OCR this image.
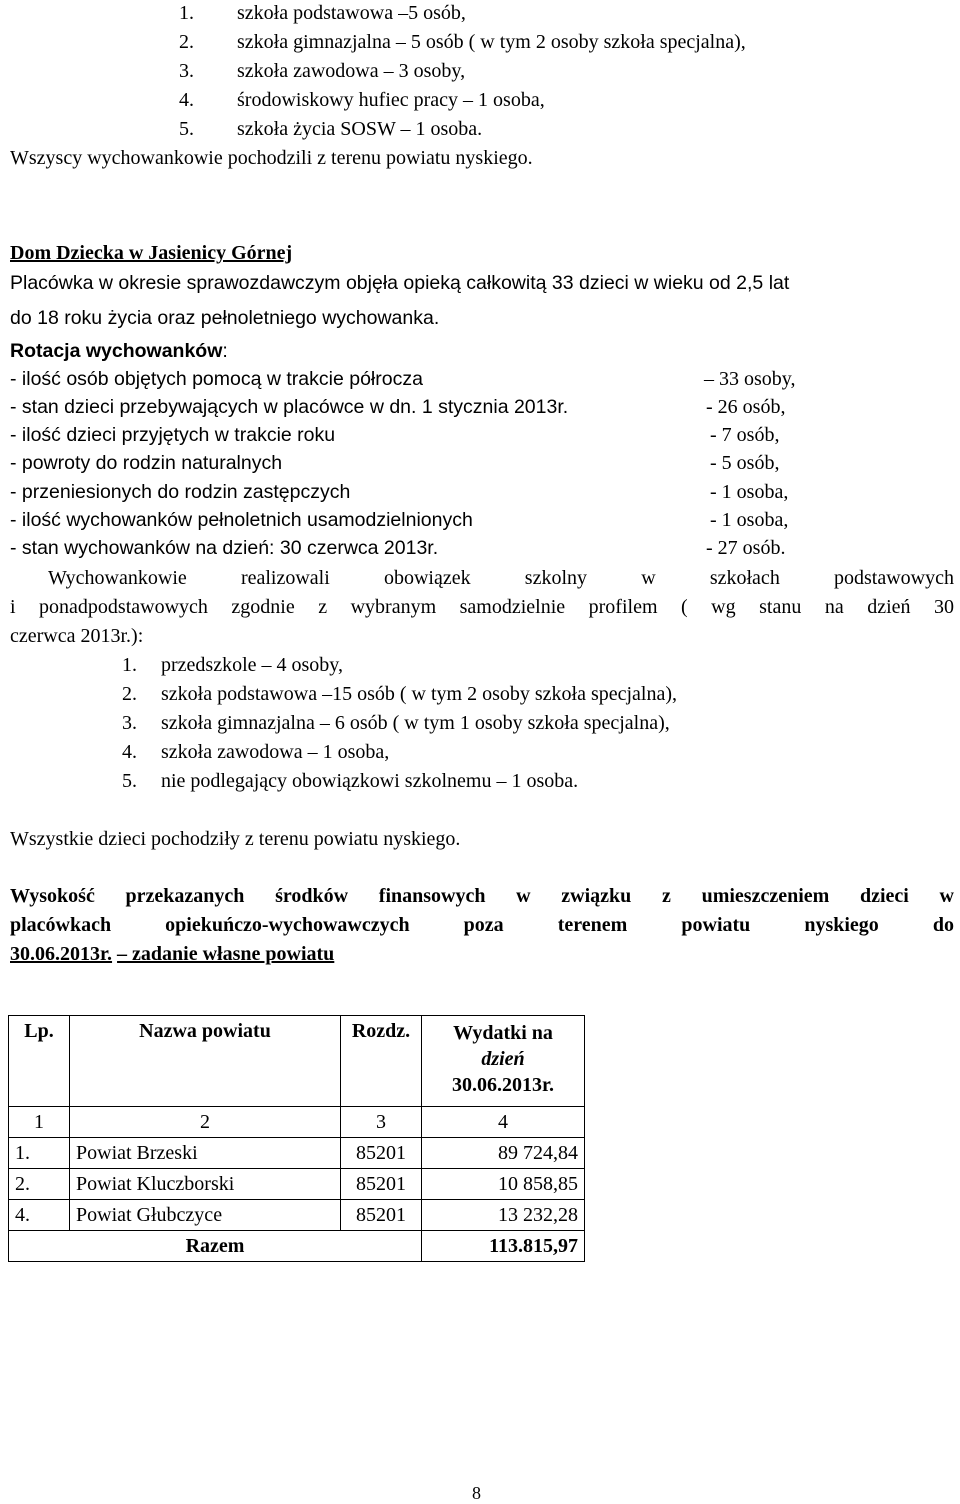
1. szkoła podstawowa –5 osób,
2. szkoła gimnazjalna – 5 osób ( w tym 2 osoby szkoła specjalna),
3. szkoła zawodowa – 3 osoby,
4. środowiskowy hufiec pracy – 1 osoba,
5. szkoła życia SOSW – 1 osoba.
Wszyscy wychowankowie pochodzili z terenu powiatu nyskiego.
Dom Dziecka w Jasienicy Górnej
Placówka w okresie sprawozdawczym objęła opieką całkowitą 33 dzieci w wieku od 2,5 lat
do 18 roku życia oraz pełnoletniego wychowanka.
Rotacja wychowanków:
- ilość osób objętych pomocą w trakcie półrocza	– 33 osoby,
- stan dzieci przebywających w placówce w dn. 1 stycznia 2013r.	- 26 osób,
- ilość dzieci przyjętych w trakcie roku	- 7 osób,
- powroty do rodzin naturalnych	- 5 osób,
- przeniesionych do rodzin zastępczych	- 1 osoba,
- ilość wychowanków pełnoletnich usamodzielnionych	- 1 osoba,
- stan wychowanków na dzień: 30 czerwca 2013r.	- 27 osób.
Wychowankowie realizowali obowiązek szkolny w szkołach podstawowych
i ponadpodstawowych zgodnie z wybranym samodzielnie profilem ( wg stanu na dzień 30
czerwca 2013r.):
1. przedszkole – 4 osoby,
2. szkoła podstawowa –15 osób ( w tym 2 osoby szkoła specjalna),
3. szkoła gimnazjalna – 6 osób ( w tym 1 osoby szkoła specjalna),
4. szkoła zawodowa – 1 osoba,
5. nie podlegający obowiązkowi szkolnemu – 1 osoba.
Wszystkie dzieci pochodziły z terenu powiatu nyskiego.
Wysokość przekazanych środków finansowych w związku z umieszczeniem dzieci w
placówkach opiekuńczo-wychowawczych poza terenem powiatu nyskiego do
30.06.2013r. – zadanie własne powiatu
Lp.	Nazwa powiatu	Rozdz.	Wydatki na
dzień
30.06.2013r.
1	2	3	4
1.	Powiat Brzeski	85201	89 724,84
2.	Powiat Kluczborski	85201	10 858,85
4.	Powiat Głubczyce	85201	13 232,28
Razem			113.815,97
8
